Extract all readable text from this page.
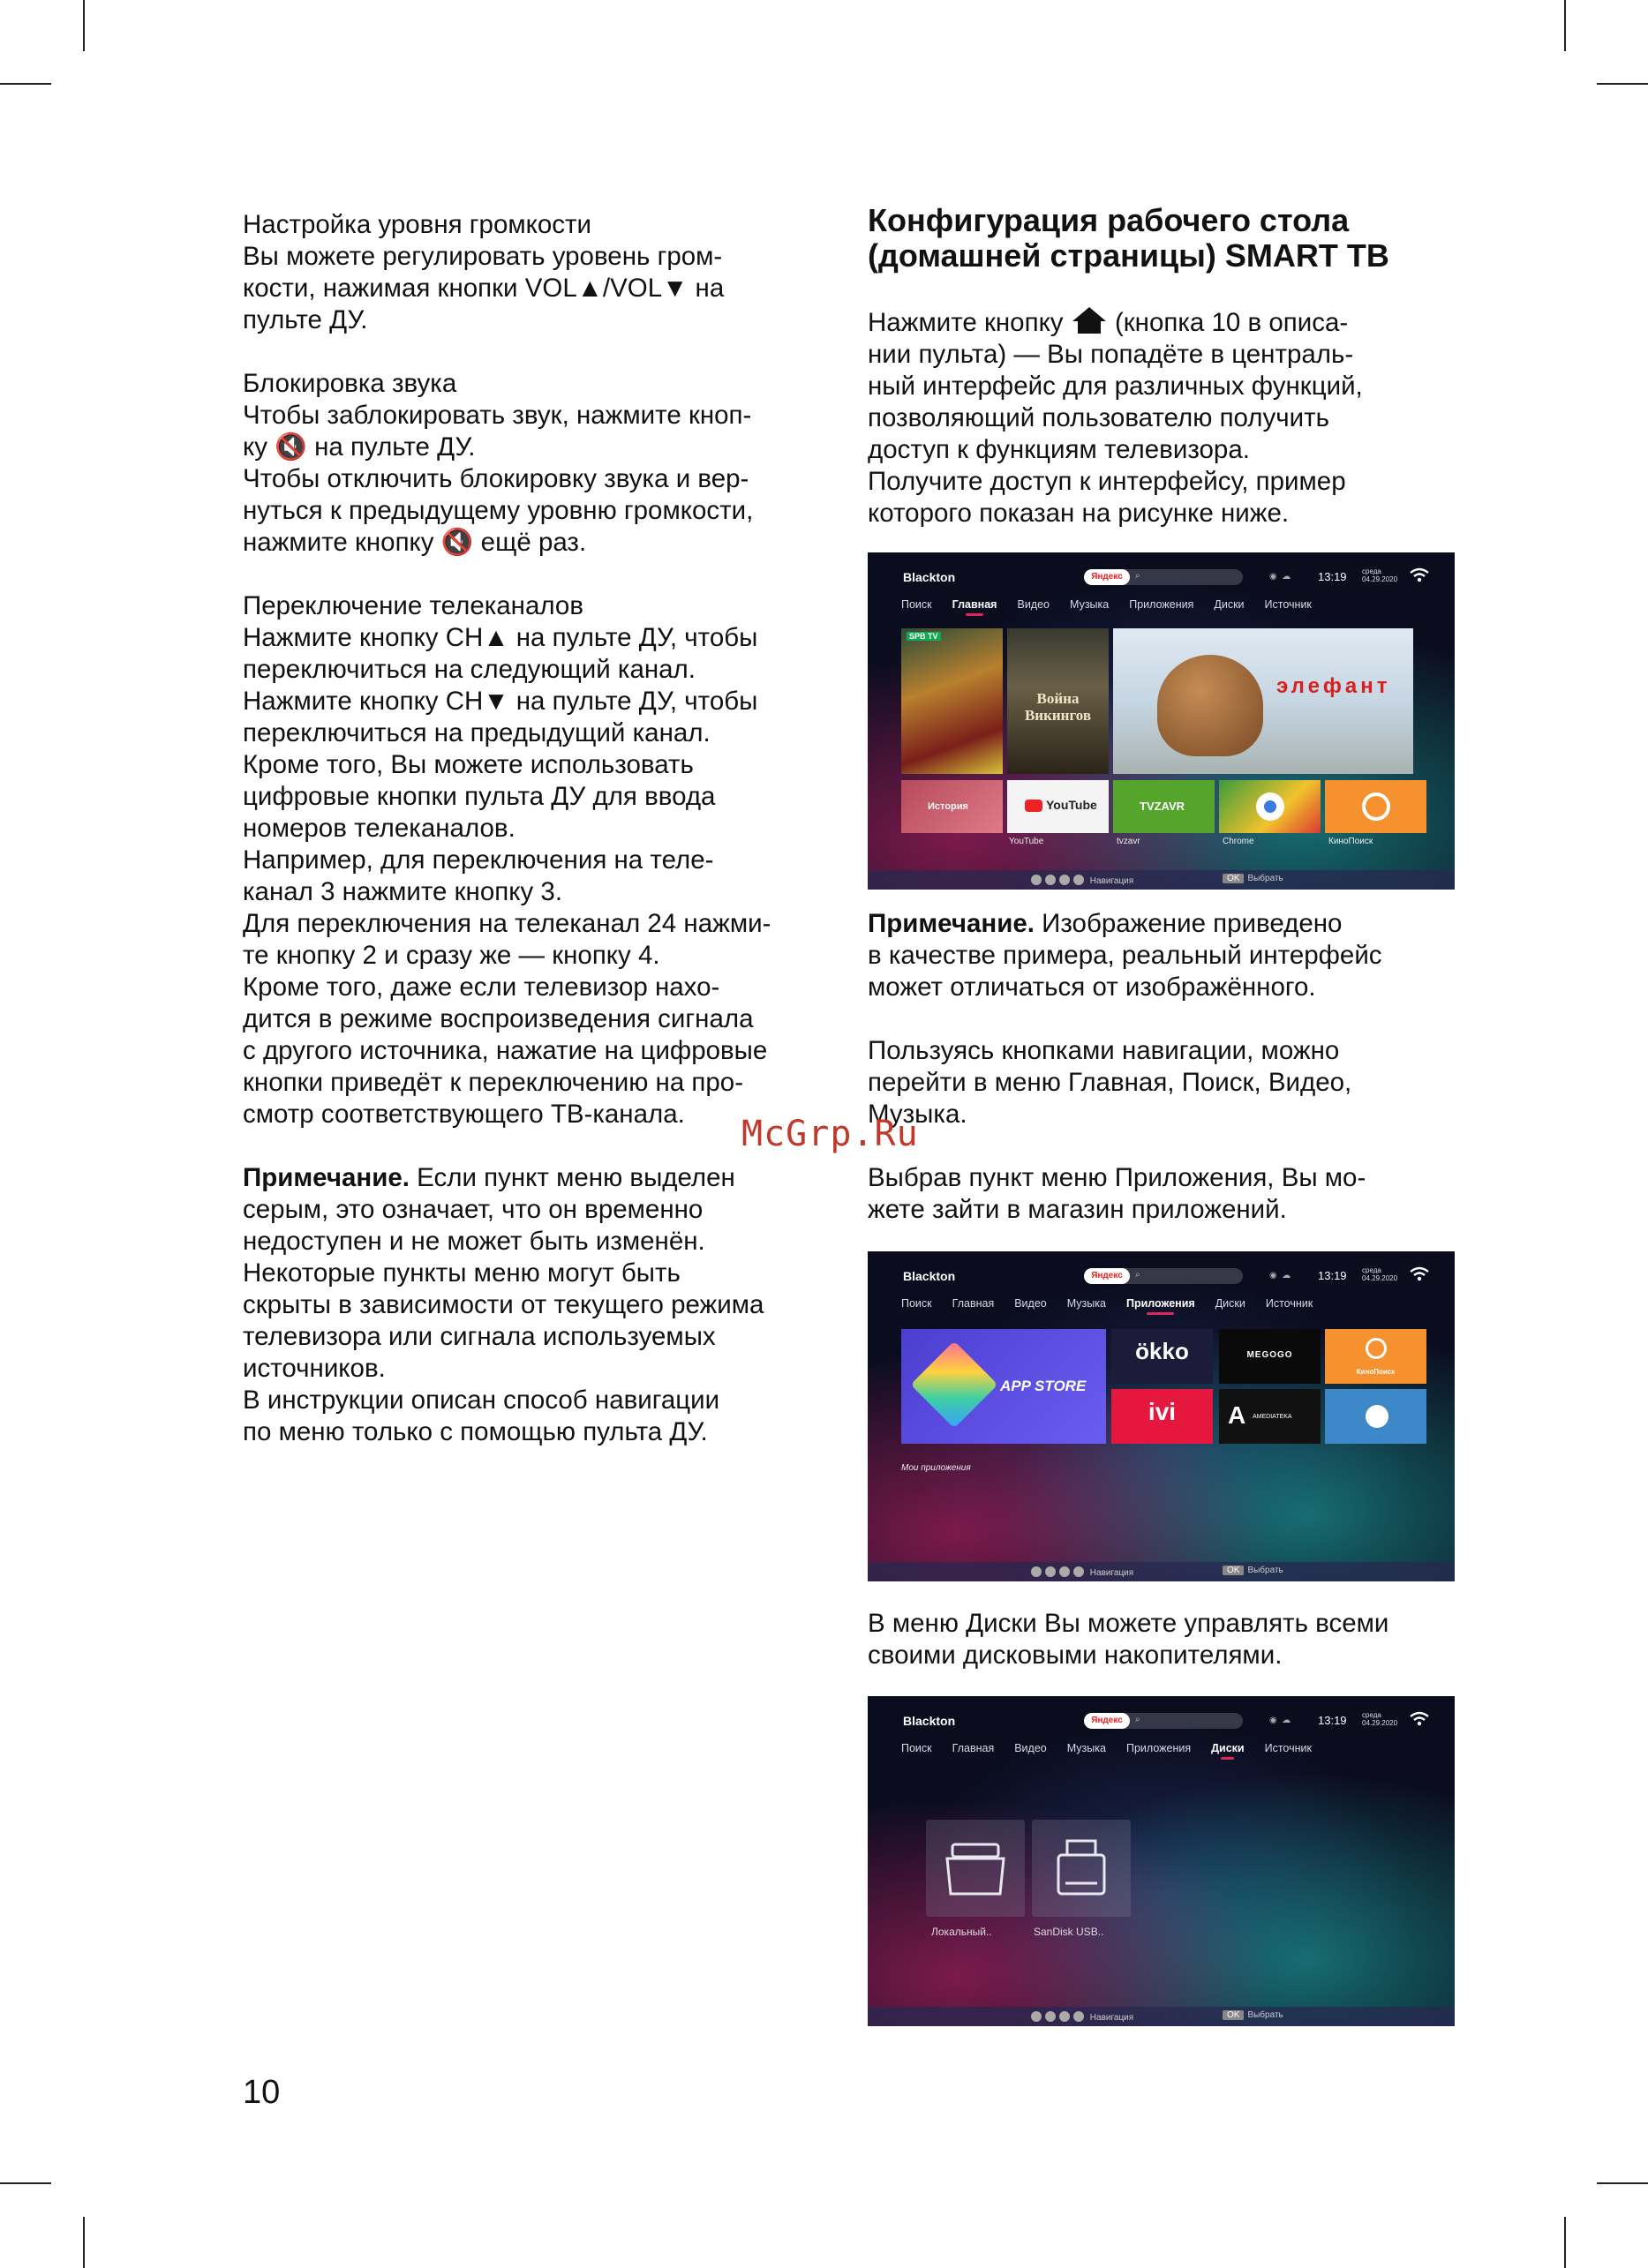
Настройка уровня громкости
Вы можете регулировать уровень гром-
кости, нажимая кнопки VOL▲/VOL▼ на
пульте ДУ.
Блокировка звука
Чтобы заблокировать звук, нажмите кноп-
ку 🔇 на пульте ДУ.
Чтобы отключить блокировку звука и вер-
нуться к предыдущему уровню громкости,
нажмите кнопку 🔇 ещё раз.
Переключение телеканалов
Нажмите кнопку CH▲ на пульте ДУ, чтобы
переключиться на следующий канал.
Нажмите кнопку CH▼ на пульте ДУ, чтобы
переключиться на предыдущий канал.
Кроме того, Вы можете использовать
цифровые кнопки пульта ДУ для ввода
номеров телеканалов.
Например, для переключения на теле-
канал 3 нажмите кнопку 3.
Для переключения на телеканал 24 нажми-
те кнопку 2 и сразу же — кнопку 4.
Кроме того, даже если телевизор нахо-
дится в режиме воспроизведения сигнала
с другого источника, нажатие на цифровые
кнопки приведёт к переключению на про-
смотр соответствующего ТВ-канала.
Примечание. Если пункт меню выделен
серым, это означает, что он временно
недоступен и не может быть изменён.
Некоторые пункты меню могут быть
скрыты в зависимости от текущего режима
телевизора или сигнала используемых
источников.
В инструкции описан способ навигации
по меню только с помощью пульта ДУ.
Конфигурация рабочего стола
(домашней страницы) SMART TB
Нажмите кнопку  (кнопка 10 в описа-
нии пульта) — Вы попадёте в централь-
ный интерфейс для различных функций,
позволяющий пользователю получить
доступ к функциям телевизора.
Получите доступ к интерфейсу, пример
которого показан на рисунке ниже.
Примечание. Изображение приведено
в качестве примера, реальный интерфейс
может отличаться от изображённого.
Пользуясь кнопками навигации, можно
перейти в меню Главная, Поиск, Видео,
Музыка.
Выбрав пункт меню Приложения, Вы мо-
жете зайти в магазин приложений.
В меню Диски Вы можете управлять всеми
своими дисковыми накопителями.
McGrp.Ru
10
Blackton	Яндекс	⌕	◉  ☁ 13:19 среда
04.29.2020
Поиск Главная Видео Музыка Приложения Диски Источник
SPB TV
Война Викингов
элефант
История	YouTube	TVZAVR
YouTube	tvzavr	Chrome	КиноПоиск
Навигация	OK Выбрать
Blackton	Яндекс	⌕	◉  ☁ 13:19 среда
04.29.2020
Поиск Главная Видео Музыка Приложения Диски Источник
APP STORE
ökko	MEGOGO
КиноПоиск
ivi	A AMEDIATEKA
Мои приложения
Навигация	OK Выбрать
Blackton	Яндекс	⌕	◉  ☁ 13:19 среда
04.29.2020
Поиск Главная Видео Музыка Приложения Диски Источник
Локальный..	SanDisk USB..
Навигация	OK Выбрать
